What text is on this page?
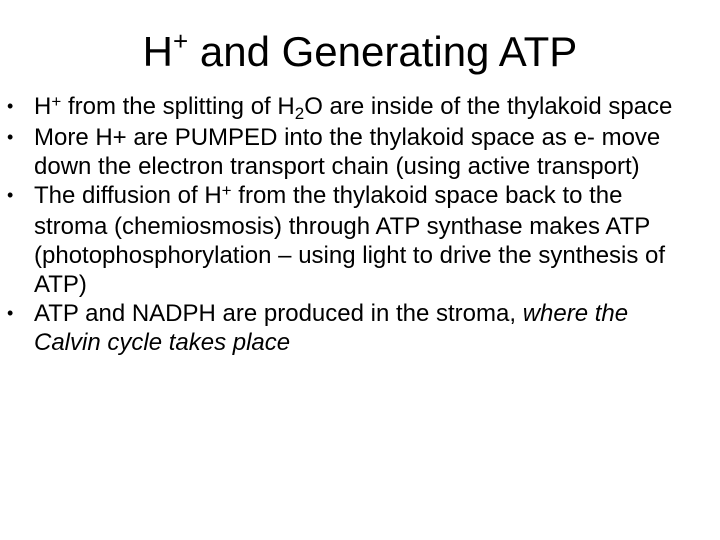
H+ and Generating ATP
• H+ from the splitting of $H_2O$ are inside of the thylakoid space
• More H+ are PUMPED into the thylakoid space as e- move down the electron transport chain (using active transport)
• The diffusion of H+ from the thylakoid space back to the stroma (chemiosmosis) through ATP synthase makes ATP (photophosphorylation – using light to drive the synthesis of ATP)
• ATP and NADPH are produced in the stroma, where the Calvin cycle takes place
